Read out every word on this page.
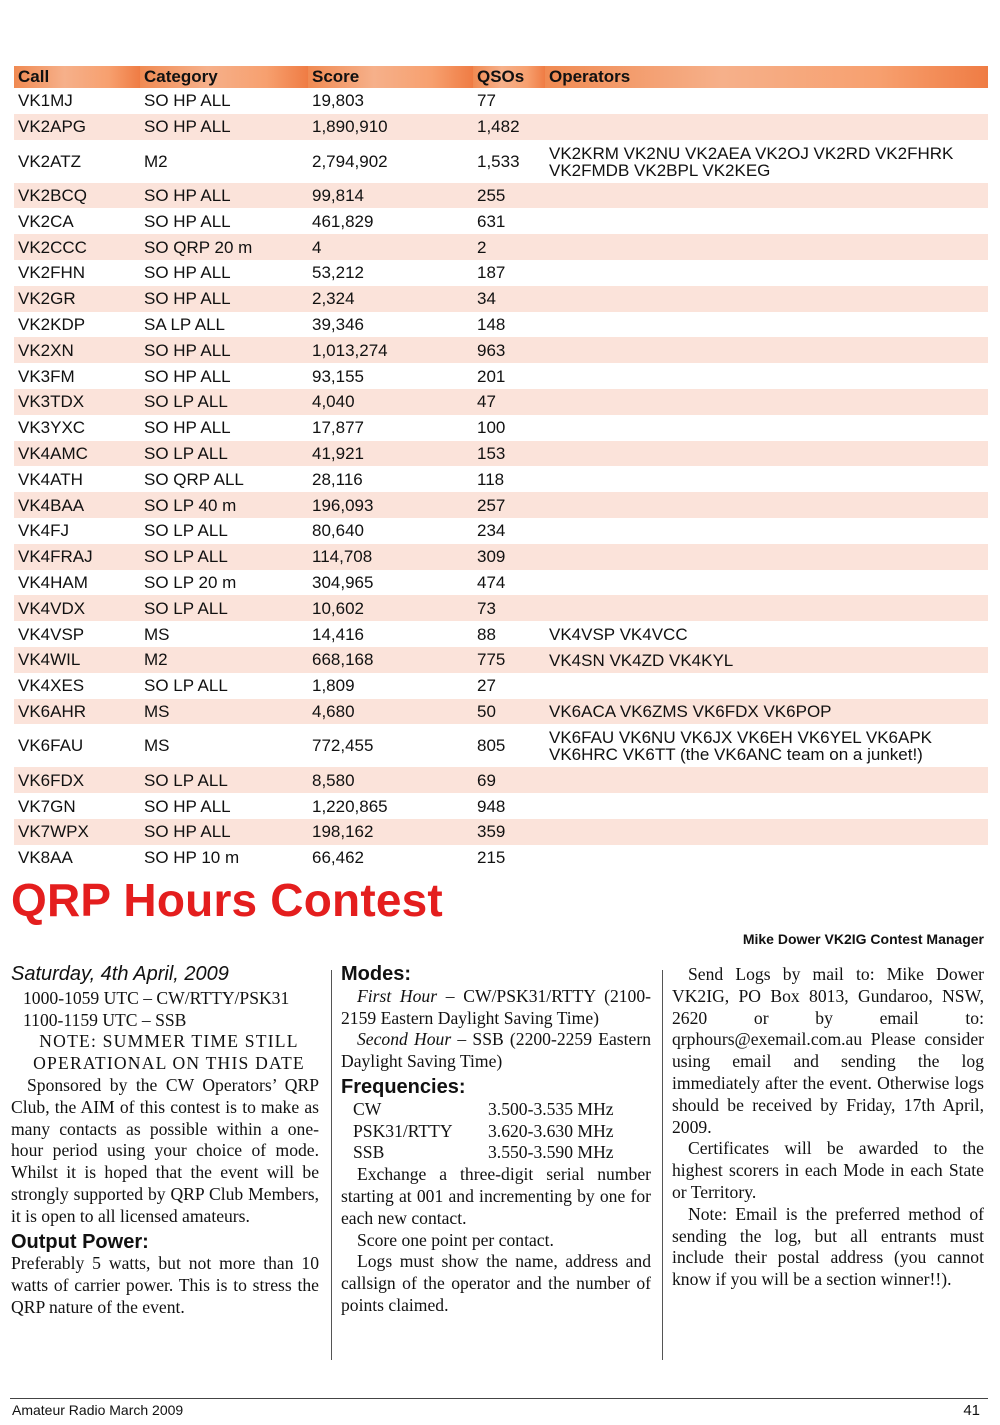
Call	Category	Score	QSOs	Operators
VK1MJ	SO HP ALL	19,803	77	
VK2APG	SO HP ALL	1,890,910	1,482	
VK2ATZ	M2	2,794,902	1,533	VK2KRM VK2NU VK2AEA VK2OJ VK2RD VK2FHRK VK2FMDB VK2BPL VK2KEG
VK2BCQ	SO HP ALL	99,814	255	
VK2CA	SO HP ALL	461,829	631	
VK2CCC	SO QRP 20 m	4	2	
VK2FHN	SO HP ALL	53,212	187	
VK2GR	SO HP ALL	2,324	34	
VK2KDP	SA LP ALL	39,346	148	
VK2XN	SO HP ALL	1,013,274	963	
VK3FM	SO HP ALL	93,155	201	
VK3TDX	SO LP ALL	4,040	47	
VK3YXC	SO HP ALL	17,877	100	
VK4AMC	SO LP ALL	41,921	153	
VK4ATH	SO QRP ALL	28,116	118	
VK4BAA	SO LP 40 m	196,093	257	
VK4FJ	SO LP ALL	80,640	234	
VK4FRAJ	SO LP ALL	114,708	309	
VK4HAM	SO LP 20 m	304,965	474	
VK4VDX	SO LP ALL	10,602	73	
VK4VSP	MS	14,416	88	VK4VSP VK4VCC
VK4WIL	M2	668,168	775	VK4SN VK4ZD VK4KYL
VK4XES	SO LP ALL	1,809	27	
VK6AHR	MS	4,680	50	VK6ACA VK6ZMS VK6FDX VK6POP
VK6FAU	MS	772,455	805	VK6FAU VK6NU VK6JX VK6EH VK6YEL VK6APK VK6HRC VK6TT (the VK6ANC team on a junket!)
VK6FDX	SO LP ALL	8,580	69	
VK7GN	SO HP ALL	1,220,865	948	
VK7WPX	SO HP ALL	198,162	359	
VK8AA	SO HP 10 m	66,462	215	
QRP Hours Contest
Mike Dower VK2IG Contest Manager

Saturday, 4th April, 2009

1000-1059 UTC – CW/RTTY/PSK31

1100-1159 UTC – SSB

NOTE: SUMMER TIME STILL

OPERATIONAL ON THIS DATE

Sponsored by the CW Operators’ QRP Club, the AIM of this contest is to make as many contacts as possible within a one-hour period using your choice of mode. Whilst it is hoped that the event will be strongly supported by QRP Club Members, it is open to all licensed amateurs.

Output Power:

Preferably 5 watts, but not more than 10 watts of carrier power. This is to stress the QRP nature of the event.

Modes:

First Hour – CW/PSK31/RTTY (2100-2159 Eastern Daylight Saving Time)

Second Hour – SSB (2200-2259 Eastern Daylight Saving Time)

Frequencies:
CW	3.500-3.535 MHz
PSK31/RTTY	3.620-3.630 MHz
SSB	3.550-3.590 MHz

Exchange a three-digit serial number starting at 001 and incrementing by one for each new contact.

Score one point per contact.

Logs must show the name, address and callsign of the operator and the number of points claimed.

Send Logs by mail to: Mike Dower VK2IG, PO Box 8013, Gundaroo, NSW, 2620 or by email to: qrphours@exemail.com.au Please consider using email and sending the log immediately after the event. Otherwise logs should be received by Friday, 17th April, 2009.

Certificates will be awarded to the highest scorers in each Mode in each State or Territory.

Note: Email is the preferred method of sending the log, but all entrants must include their postal address (you cannot know if you will be a section winner!!).

Amateur Radio March 2009	41
